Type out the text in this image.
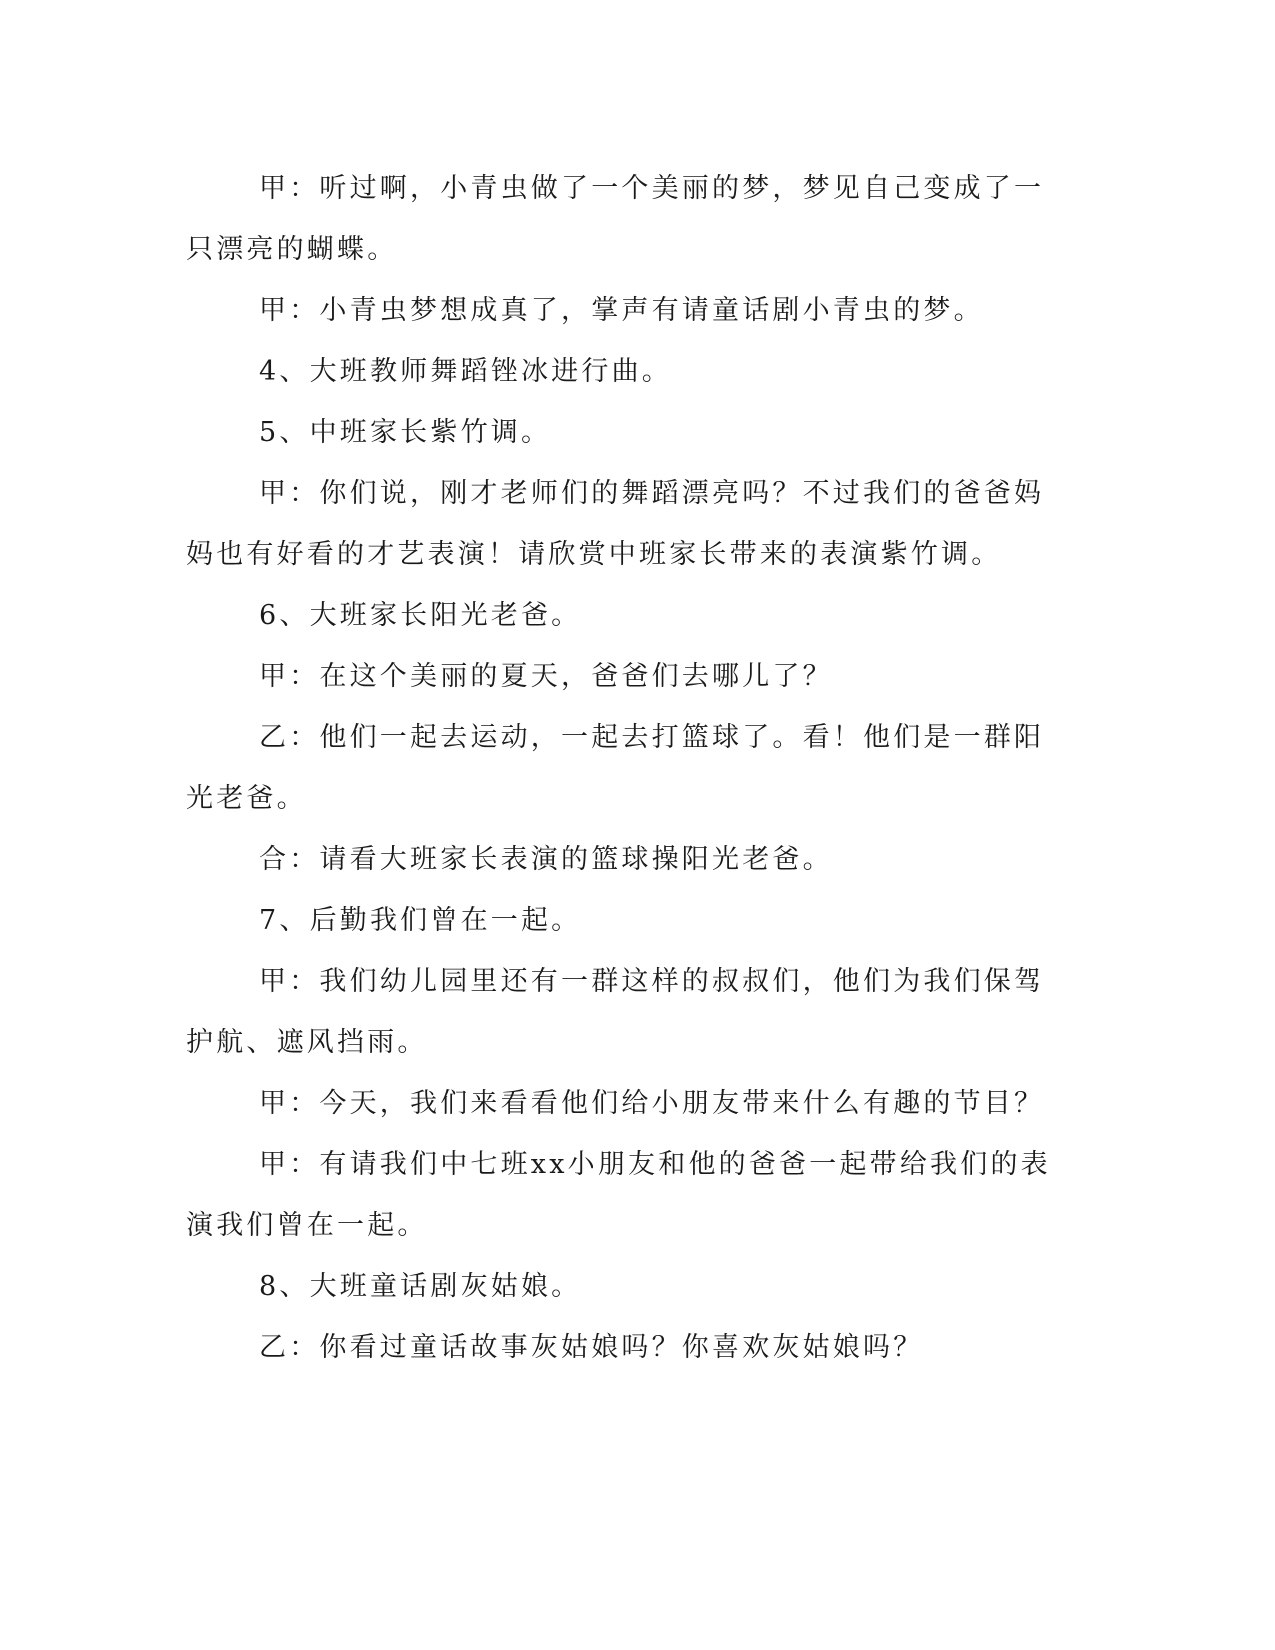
甲：听过啊，小青虫做了一个美丽的梦，梦见自己变成了一只漂亮的蝴蝶。

甲：小青虫梦想成真了，掌声有请童话剧小青虫的梦。

4、大班教师舞蹈锉冰进行曲。

5、中班家长紫竹调。

甲：你们说，刚才老师们的舞蹈漂亮吗？不过我们的爸爸妈妈也有好看的才艺表演！请欣赏中班家长带来的表演紫竹调。

6、大班家长阳光老爸。

甲：在这个美丽的夏天，爸爸们去哪儿了？

乙：他们一起去运动，一起去打篮球了。看！他们是一群阳光老爸。

合：请看大班家长表演的篮球操阳光老爸。

7、后勤我们曾在一起。

甲：我们幼儿园里还有一群这样的叔叔们，他们为我们保驾护航、遮风挡雨。

甲：今天，我们来看看他们给小朋友带来什么有趣的节目？

甲：有请我们中七班xx小朋友和他的爸爸一起带给我们的表演我们曾在一起。

8、大班童话剧灰姑娘。

乙：你看过童话故事灰姑娘吗？你喜欢灰姑娘吗？
